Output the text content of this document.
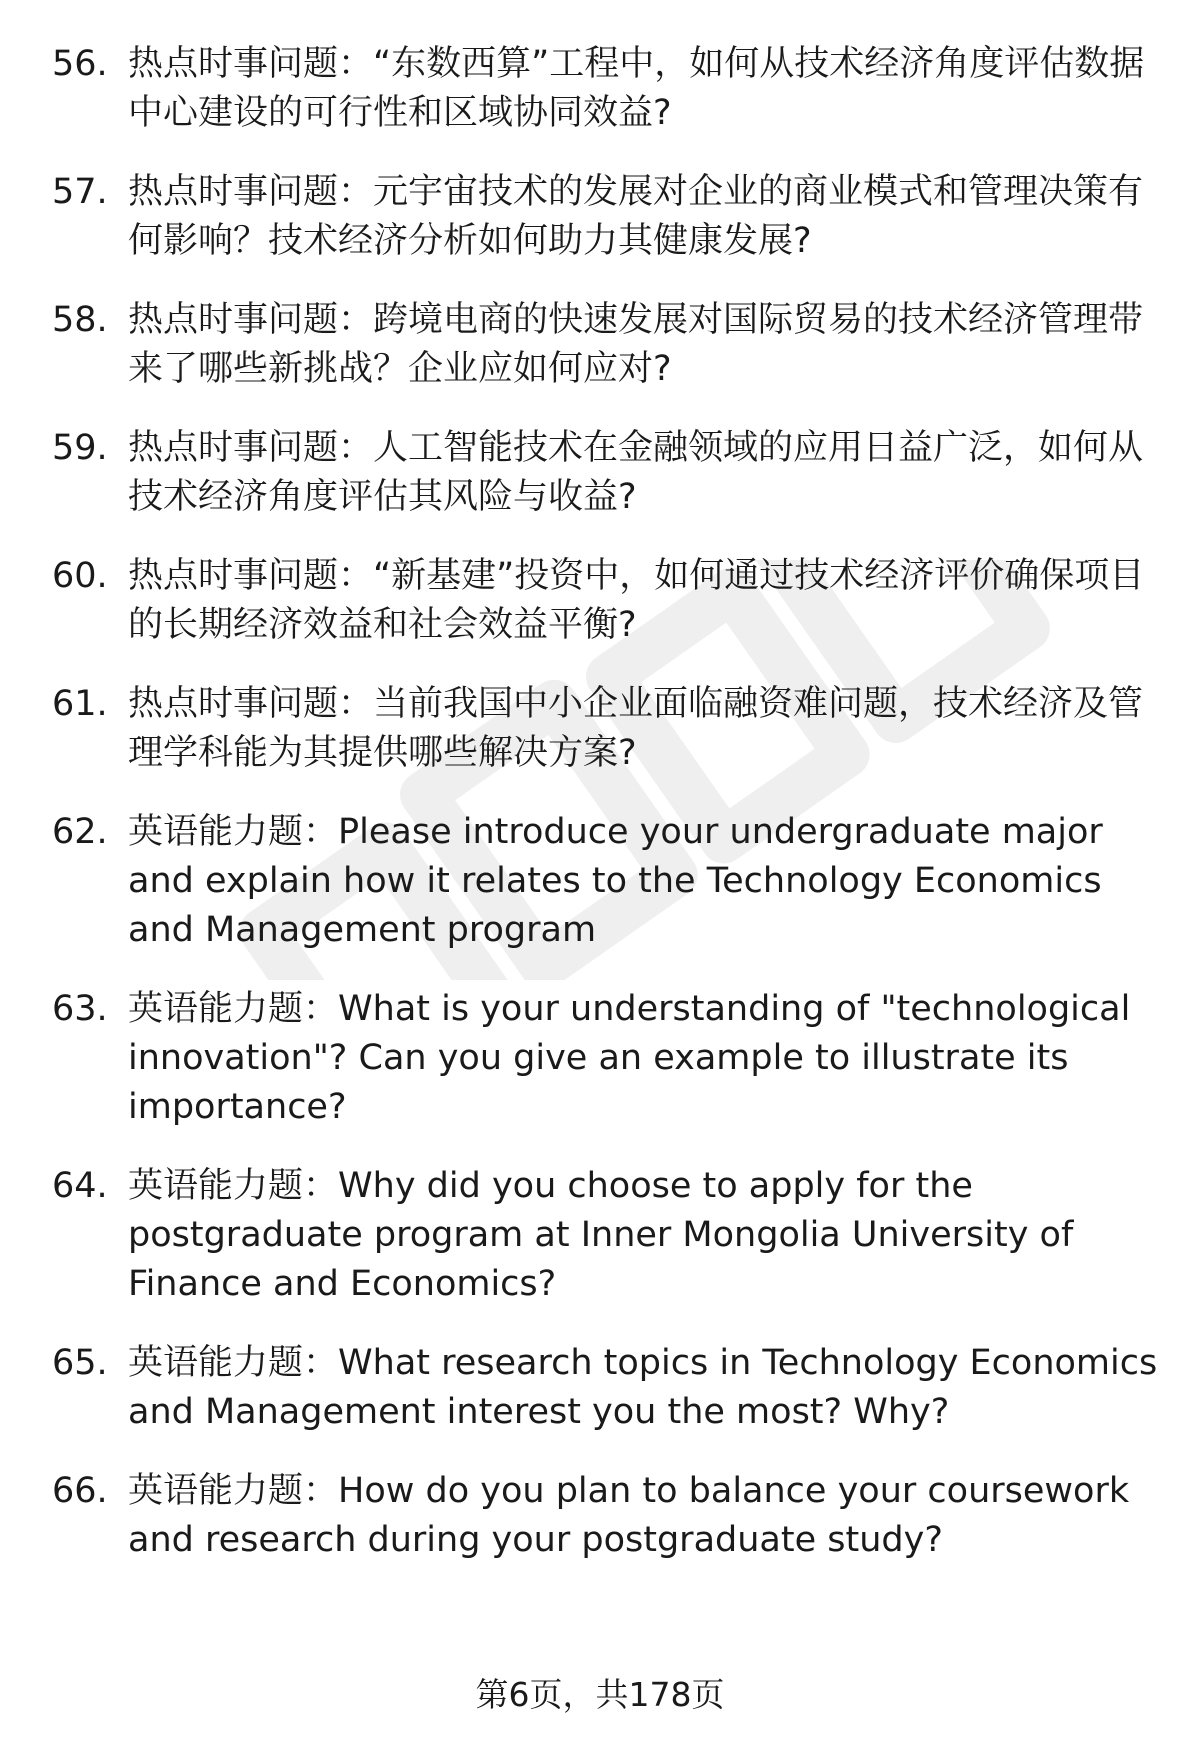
56. 热点时事问题：“东数西算”工程中，如何从技术经济角度评估数据中心建设的可行性和区域协同效益?
57. 热点时事问题：元宇宙技术的发展对企业的商业模式和管理决策有何影响？技术经济分析如何助力其健康发展?
58. 热点时事问题：跨境电商的快速发展对国际贸易的技术经济管理带来了哪些新挑战？企业应如何应对?
59. 热点时事问题：人工智能技术在金融领域的应用日益广泛，如何从技术经济角度评估其风险与收益?
60. 热点时事问题：“新基建”投资中，如何通过技术经济评价确保项目的长期经济效益和社会效益平衡?
61. 热点时事问题：当前我国中小企业面临融资难问题，技术经济及管理学科能为其提供哪些解决方案?
62. 英语能力题：Please introduce your undergraduate major and explain how it relates to the Technology Economics and Management program
63. 英语能力题：What is your understanding of "technological innovation"? Can you give an example to illustrate its importance?
64. 英语能力题：Why did you choose to apply for the postgraduate program at Inner Mongolia University of Finance and Economics?
65. 英语能力题：What research topics in Technology Economics and Management interest you the most? Why?
66. 英语能力题：How do you plan to balance your coursework and research during your postgraduate study?
第6页，共178页
